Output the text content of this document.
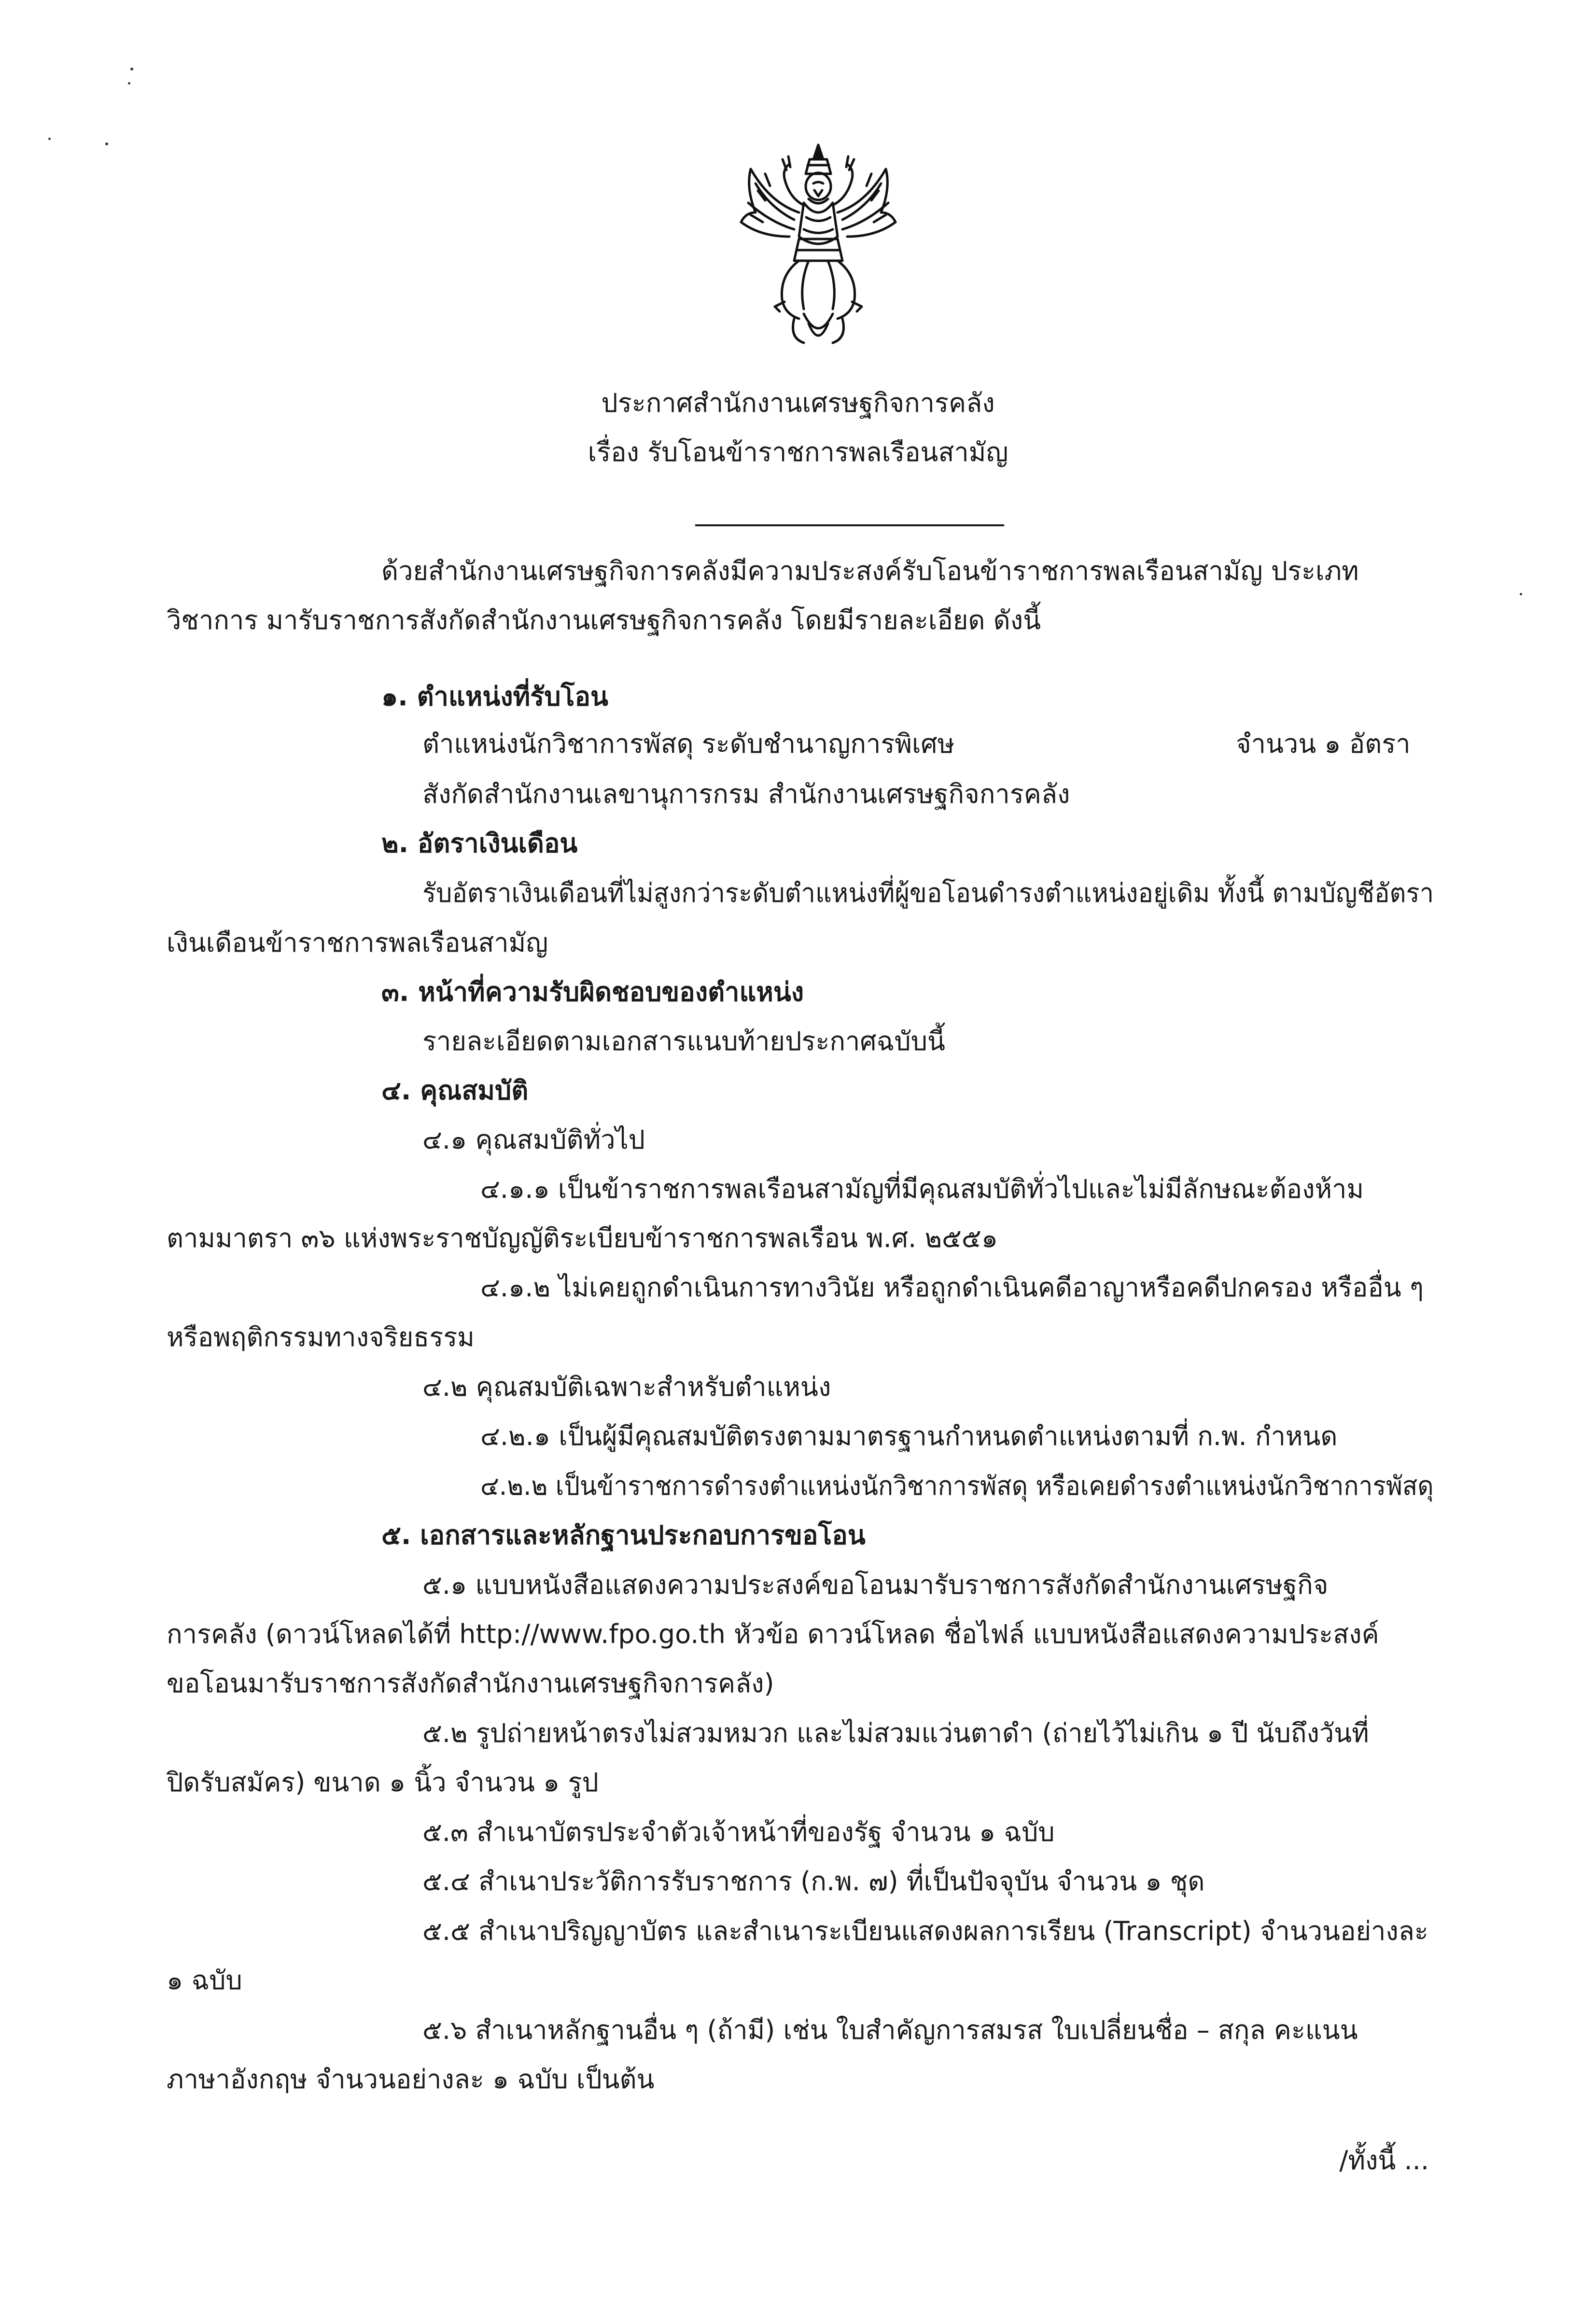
ประกาศสำนักงานเศรษฐกิจการคลัง
เรื่อง รับโอนข้าราชการพลเรือนสามัญ
ด้วยสำนักงานเศรษฐกิจการคลังมีความประสงค์รับโอนข้าราชการพลเรือนสามัญ ประเภท
วิชาการ มารับราชการสังกัดสำนักงานเศรษฐกิจการคลัง โดยมีรายละเอียด ดังนี้
๑. ตำแหน่งที่รับโอน
ตำแหน่งนักวิชาการพัสดุ ระดับชำนาญการพิเศษ	จำนวน ๑ อัตรา
สังกัดสำนักงานเลขานุการกรม สำนักงานเศรษฐกิจการคลัง
๒. อัตราเงินเดือน
รับอัตราเงินเดือนที่ไม่สูงกว่าระดับตำแหน่งที่ผู้ขอโอนดำรงตำแหน่งอยู่เดิม ทั้งนี้ ตามบัญชีอัตรา
เงินเดือนข้าราชการพลเรือนสามัญ
๓. หน้าที่ความรับผิดชอบของตำแหน่ง
รายละเอียดตามเอกสารแนบท้ายประกาศฉบับนี้
๔. คุณสมบัติ
๔.๑ คุณสมบัติทั่วไป
๔.๑.๑ เป็นข้าราชการพลเรือนสามัญที่มีคุณสมบัติทั่วไปและไม่มีลักษณะต้องห้าม
ตามมาตรา ๓๖ แห่งพระราชบัญญัติระเบียบข้าราชการพลเรือน พ.ศ. ๒๕๕๑
๔.๑.๒ ไม่เคยถูกดำเนินการทางวินัย หรือถูกดำเนินคดีอาญาหรือคดีปกครอง หรืออื่น ๆ
หรือพฤติกรรมทางจริยธรรม
๔.๒ คุณสมบัติเฉพาะสำหรับตำแหน่ง
๔.๒.๑ เป็นผู้มีคุณสมบัติตรงตามมาตรฐานกำหนดตำแหน่งตามที่ ก.พ. กำหนด
๔.๒.๒ เป็นข้าราชการดำรงตำแหน่งนักวิชาการพัสดุ หรือเคยดำรงตำแหน่งนักวิชาการพัสดุ
๕. เอกสารและหลักฐานประกอบการขอโอน
๕.๑ แบบหนังสือแสดงความประสงค์ขอโอนมารับราชการสังกัดสำนักงานเศรษฐกิจ
การคลัง (ดาวน์โหลดได้ที่ http://www.fpo.go.th หัวข้อ ดาวน์โหลด ชื่อไฟล์ แบบหนังสือแสดงความประสงค์
ขอโอนมารับราชการสังกัดสำนักงานเศรษฐกิจการคลัง)
๕.๒ รูปถ่ายหน้าตรงไม่สวมหมวก และไม่สวมแว่นตาดำ (ถ่ายไว้ไม่เกิน ๑ ปี นับถึงวันที่
ปิดรับสมัคร) ขนาด ๑ นิ้ว จำนวน ๑ รูป
๕.๓ สำเนาบัตรประจำตัวเจ้าหน้าที่ของรัฐ จำนวน ๑ ฉบับ
๕.๔ สำเนาประวัติการรับราชการ (ก.พ. ๗) ที่เป็นปัจจุบัน จำนวน ๑ ชุด
๕.๕ สำเนาปริญญาบัตร และสำเนาระเบียนแสดงผลการเรียน (Transcript) จำนวนอย่างละ
๑ ฉบับ
๕.๖ สำเนาหลักฐานอื่น ๆ (ถ้ามี) เช่น ใบสำคัญการสมรส ใบเปลี่ยนชื่อ – สกุล คะแนน
ภาษาอังกฤษ จำนวนอย่างละ ๑ ฉบับ เป็นต้น
/ทั้งนี้ ...
